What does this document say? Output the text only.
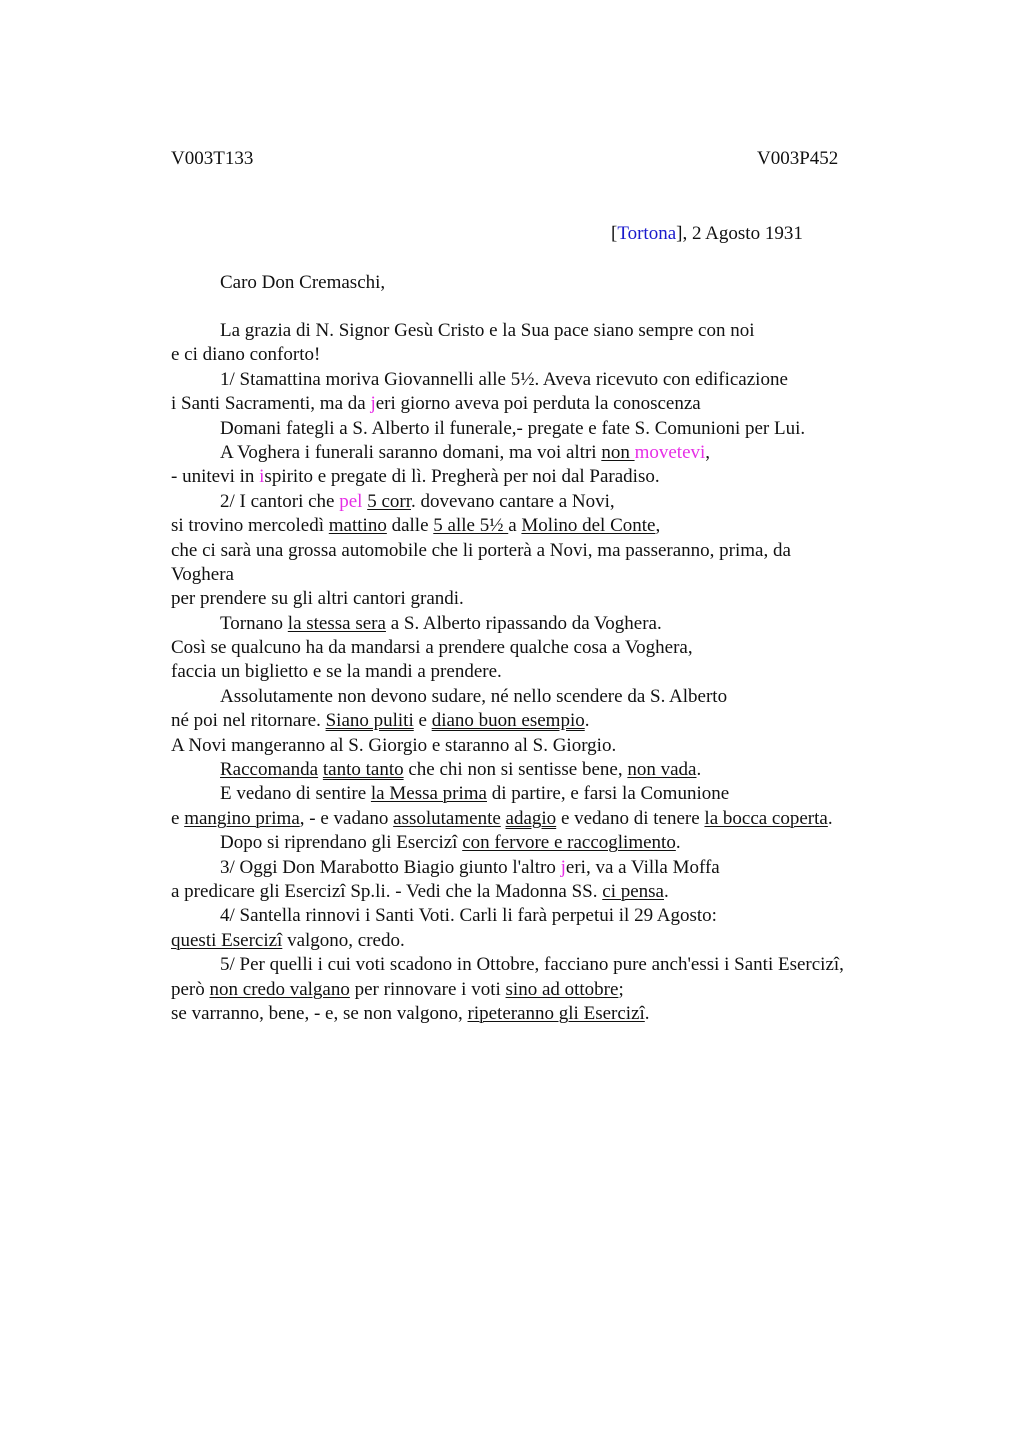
V003T133	V003P452
[Tortona], 2 Agosto 1931
Caro Don Cremaschi,
La grazia di N. Signor Gesù Cristo e la Sua pace siano sempre con noi
e ci diano conforto!
1/ Stamattina moriva Giovannelli alle 5½. Aveva ricevuto con edificazione
i Santi Sacramenti, ma da jeri giorno aveva poi perduta la conoscenza
Domani fategli a S. Alberto il funerale,- pregate e fate S. Comunioni per Lui.
A Voghera i funerali saranno domani, ma voi altri non movetevi,
- unitevi in ispirito e pregate di lì. Pregherà per noi dal Paradiso.
2/ I cantori che pel 5 corr. dovevano cantare a Novi,
si trovino mercoledì mattino dalle 5 alle 5½ a Molino del Conte,
che ci sarà una grossa automobile che li porterà a Novi, ma passeranno, prima, da
Voghera
per prendere su gli altri cantori grandi.
Tornano la stessa sera a S. Alberto ripassando da Voghera.
Così se qualcuno ha da mandarsi a prendere qualche cosa a Voghera,
faccia un biglietto e se la mandi a prendere.
Assolutamente non devono sudare, né nello scendere da S. Alberto
né poi nel ritornare. Siano puliti e diano buon esempio.
A Novi mangeranno al S. Giorgio e staranno al S. Giorgio.
Raccomanda tanto tanto che chi non si sentisse bene, non vada.
E vedano di sentire la Messa prima di partire, e farsi la Comunione
e mangino prima, - e vadano assolutamente adagio e vedano di tenere la bocca coperta.
Dopo si riprendano gli Esercizi con fervore e raccoglimento.
3/ Oggi Don Marabotto Biagio giunto l'altro jeri, va a Villa Moffa
a predicare gli Esercizi Sp.li. - Vedi che la Madonna SS. ci pensa.
4/ Santella rinnovi i Santi Voti. Carli li farà perpetui il 29 Agosto:
questi Esercizi valgono, credo.
5/ Per quelli i cui voti scadono in Ottobre, facciano pure anch'essi i Santi Esercizi,
però non credo valgano per rinnovare i voti sino ad ottobre;
se varranno, bene, - e, se non valgono, ripeteranno gli Esercizi.
